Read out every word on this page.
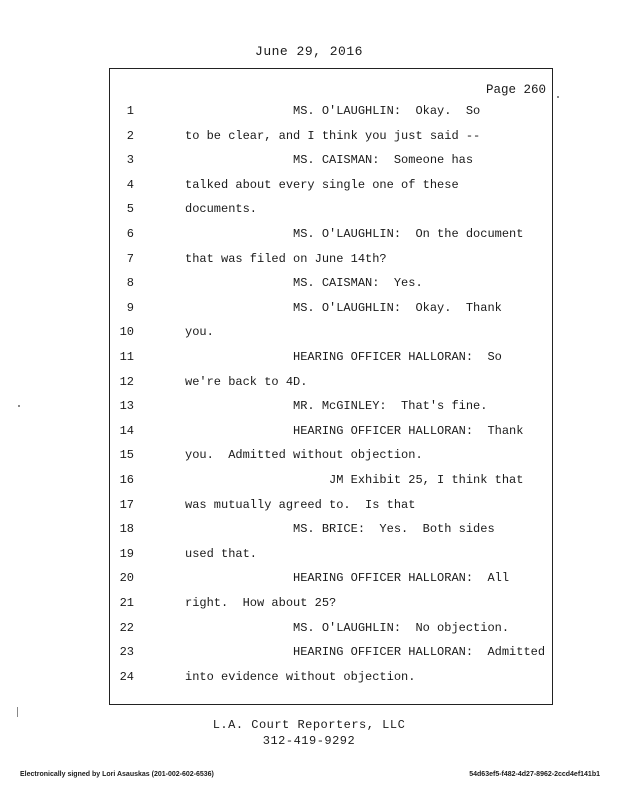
June 29, 2016
Page 260
1	MS. O'LAUGHLIN:  Okay.  So
2	to be clear, and I think you just said --
3	MS. CAISMAN:  Someone has
4	talked about every single one of these
5	documents.
6	MS. O'LAUGHLIN:  On the document
7	that was filed on June 14th?
8	MS. CAISMAN:  Yes.
9	MS. O'LAUGHLIN:  Okay.  Thank
10	you.
11	HEARING OFFICER HALLORAN:  So
12	we're back to 4D.
13	MR. McGINLEY:  That's fine.
14	HEARING OFFICER HALLORAN:  Thank
15	you.  Admitted without objection.
16	JM Exhibit 25, I think that
17	was mutually agreed to.  Is that
18	MS. BRICE:  Yes.  Both sides
19	used that.
20	HEARING OFFICER HALLORAN:  All
21	right.  How about 25?
22	MS. O'LAUGHLIN:  No objection.
23	HEARING OFFICER HALLORAN:  Admitted
24	into evidence without objection.
L.A. Court Reporters, LLC
312-419-9292
Electronically signed by Lori Asauskas (201-002-602-6536)	54d63ef5-f482-4d27-8962-2ccd4ef141b1
